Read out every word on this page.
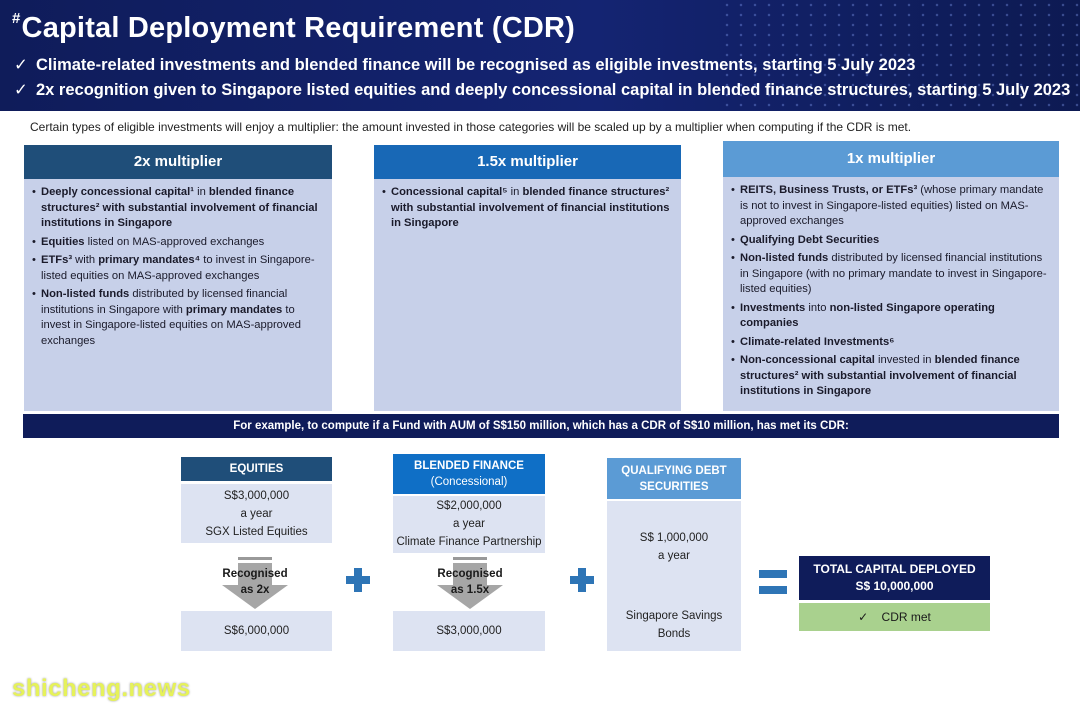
#Capital Deployment Requirement (CDR)
✓ Climate-related investments and blended finance will be recognised as eligible investments, starting 5 July 2023
✓ 2x recognition given to Singapore listed equities and deeply concessional capital in blended finance structures, starting 5 July 2023
Certain types of eligible investments will enjoy a multiplier: the amount invested in those categories will be scaled up by a multiplier when computing if the CDR is met.
2x multiplier
• Deeply concessional capital¹ in blended finance structures² with substantial involvement of financial institutions in Singapore
• Equities listed on MAS-approved exchanges
• ETFs³ with primary mandates⁴ to invest in Singapore-listed equities on MAS-approved exchanges
• Non-listed funds distributed by licensed financial institutions in Singapore with primary mandates to invest in Singapore-listed equities on MAS-approved exchanges
1.5x multiplier
• Concessional capital⁵ in blended finance structures² with substantial involvement of financial institutions in Singapore
1x multiplier
• REITS, Business Trusts, or ETFs³ (whose primary mandate is not to invest in Singapore-listed equities) listed on MAS-approved exchanges
• Qualifying Debt Securities
• Non-listed funds distributed by licensed financial institutions in Singapore (with no primary mandate to invest in Singapore-listed equities)
• Investments into non-listed Singapore operating companies
• Climate-related Investments⁶
• Non-concessional capital invested in blended finance structures² with substantial involvement of financial institutions in Singapore
For example, to compute if a Fund with AUM of S$150 million, which has a CDR of S$10 million, has met its CDR:
EQUITIES
S$3,000,000
a year
SGX Listed Equities
Recognised
as 2x
S$6,000,000
BLENDED FINANCE
(Concessional)
S$2,000,000
a year
Climate Finance Partnership
Recognised
as 1.5x
S$3,000,000
QUALIFYING DEBT
SECURITIES
S$ 1,000,000
a year
Singapore Savings
Bonds
TOTAL CAPITAL DEPLOYED
S$ 10,000,000
✓ CDR met
shicheng.news
